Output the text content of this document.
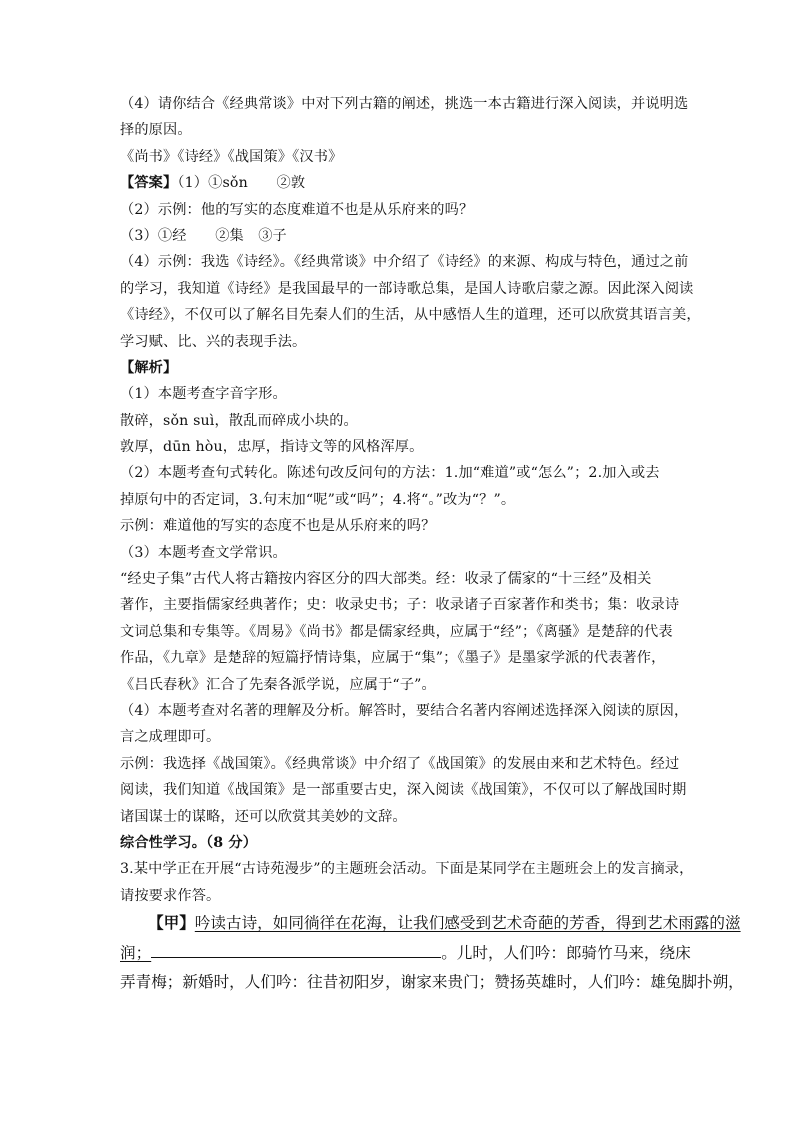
（4）请你结合《经典常谈》中对下列古籍的阐述，挑选一本古籍进行深入阅读，并说明选
择的原因。
《尚书》《诗经》《战国策》《汉书》
【答案】（1）①sǒn　　②敦
（2）示例：他的写实的态度难道不也是从乐府来的吗？
（3）①经　　②集　③子
（4）示例：我选《诗经》。《经典常谈》中介绍了《诗经》的来源、构成与特色，通过之前
的学习，我知道《诗经》是我国最早的一部诗歌总集，是国人诗歌启蒙之源。因此深入阅读
《诗经》，不仅可以了解名目先秦人们的生活，从中感悟人生的道理，还可以欣赏其语言美，
学习赋、比、兴的表现手法。
【解析】
（1）本题考查字音字形。
散碎，sǒn suì，散乱而碎成小块的。
敦厚，dūn hòu，忠厚，指诗文等的风格浑厚。
（2）本题考查句式转化。陈述句改反问句的方法：1.加“难道”或“怎么”；2.加入或去
掉原句中的否定词，3.句末加“呢”或“吗”；4.将“。”改为“？”。
示例：难道他的写实的态度不也是从乐府来的吗？
（3）本题考查文学常识。
“经史子集”古代人将古籍按内容区分的四大部类。经：收录了儒家的“十三经”及相关
著作，主要指儒家经典著作；史：收录史书；子：收录诸子百家著作和类书；集：收录诗
文词总集和专集等。《周易》《尚书》都是儒家经典，应属于“经”；《离骚》是楚辞的代表
作品，《九章》是楚辞的短篇抒情诗集，应属于“集”；《墨子》是墨家学派的代表著作，
《吕氏春秋》汇合了先秦各派学说，应属于“子”。
（4）本题考查对名著的理解及分析。解答时，要结合名著内容阐述选择深入阅读的原因，
言之成理即可。
示例：我选择《战国策》。《经典常谈》中介绍了《战国策》的发展由来和艺术特色。经过
阅读，我们知道《战国策》是一部重要古史，深入阅读《战国策》，不仅可以了解战国时期
诸国谋士的谋略，还可以欣赏其美妙的文辞。
综合性学习。（8 分）
3.某中学正在开展“古诗苑漫步”的主题班会活动。下面是某同学在主题班会上的发言摘录，
请按要求作答。
【甲】吟读古诗，如同徜徉在花海，让我们感受到艺术奇葩的芳香，得到艺术雨露的滋
润；	。儿时，人们吟：郎骑竹马来，绕床
弄青梅；新婚时，人们吟：往昔初阳岁，谢家来贵门；赞扬英雄时，人们吟：雄兔脚扑朔，
